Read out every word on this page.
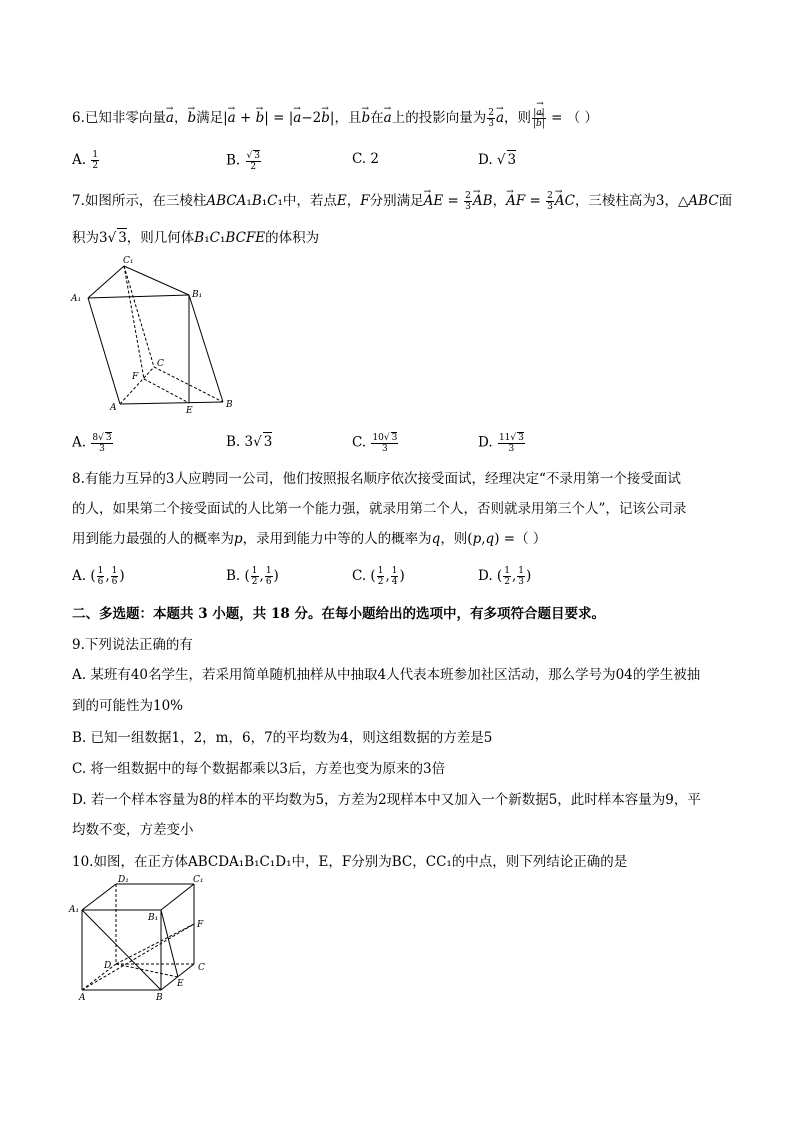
6.已知非零向量→ a，→ b满足|→ a + → b| = |→ a−2→ b|，且→ b在→ a上的投影向量为 $\frac{2}{3}$
→ a，则 $\frac{|\to a|}{|\to b|}$ = （ ）
A. $\frac{1}{2}$	B. $\frac{√ 3}{2}$	C. 2	D. √ 3
7.如图所示，在三棱柱ABCA₁B₁C₁中，若点E，F分别满足→ AE = $\frac{2}{3}$
→ AB，→ AF = $\frac{2}{3}$
→ AC，三棱柱高为3，△ABC面
积为3√ 3，则几何体B₁C₁BCFE的体积为
C₁
A₁	B₁
C
F
A	E
B
A. $\frac{8√ 3}{3}$	B. 3√ 3	C. $\frac{10√ 3}{3}$	D. $\frac{11√ 3}{3}$
8.有能力互异的3人应聘同一公司，他们按照报名顺序依次接受面试，经理决定“不录用第一个接受面试
的人，如果第二个接受面试的人比第一个能力强，就录用第二个人，否则就录用第三个人”，记该公司录
用到能力最强的人的概率为p，录用到能力中等的人的概率为q，则(p,q) =（ ）
A. ( $\frac{1}{6}$ , $\frac{1}{6}$ )	B. ( $\frac{1}{2}$ , $\frac{1}{6}$ )	C. ( $\frac{1}{2}$ , $\frac{1}{4}$ )	D. ( $\frac{1}{2}$ , $\frac{1}{3}$ )
二、多选题：本题共 3 小题，共 18 分。在每小题给出的选项中，有多项符合题目要求。
9.下列说法正确的有
A. 某班有40名学生，若采用简单随机抽样从中抽取4人代表本班参加社区活动，那么学号为04的学生被抽
到的可能性为10%
B. 已知一组数据1，2，m，6，7的平均数为4，则这组数据的方差是5
C. 将一组数据中的每个数据都乘以3后，方差也变为原来的3倍
D. 若一个样本容量为8的样本的平均数为5，方差为2现样本中又加入一个新数据5，此时样本容量为9，平
均数不变，方差变小
10.如图，在正方体ABCDA₁B₁C₁D₁中，E，F分别为BC，CC₁的中点，则下列结论正确的是
D₁	C₁
A₁
B₁
F
D	C
A	B
E
